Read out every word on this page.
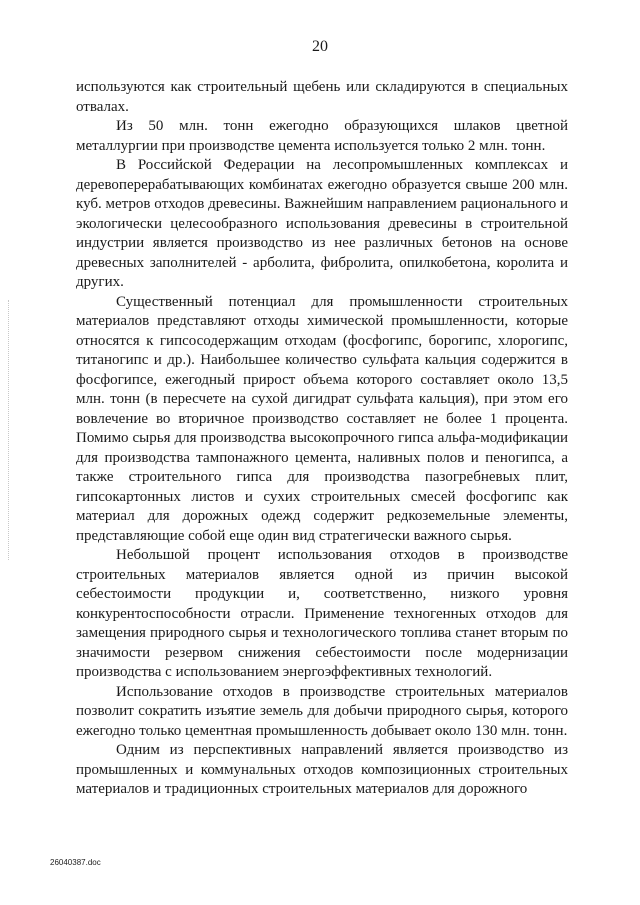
20

используются как строительный щебень или складируются в специальных отвалах.

Из 50 млн. тонн ежегодно образующихся шлаков цветной металлургии при производстве цемента используется только 2 млн. тонн.

В Российской Федерации на лесопромышленных комплексах и деревоперерабатывающих комбинатах ежегодно образуется свыше 200 млн. куб. метров отходов древесины. Важнейшим направлением рационального и экологически целесообразного использования древесины в строительной индустрии является производство из нее различных бетонов на основе древесных заполнителей - арболита, фибролита, опилкобетона, королита и других.

Существенный потенциал для промышленности строительных материалов представляют отходы химической промышленности, которые относятся к гипсосодержащим отходам (фосфогипс, борогипс, хлорогипс, титаногипс и др.). Наибольшее количество сульфата кальция содержится в фосфогипсе, ежегодный прирост объема которого составляет около 13,5 млн. тонн (в пересчете на сухой дигидрат сульфата кальция), при этом его вовлечение во вторичное производство составляет не более 1 процента. Помимо сырья для производства высокопрочного гипса альфа-модификации для производства тампонажного цемента, наливных полов и пеногипса, а также строительного гипса для производства пазогребневых плит, гипсокартонных листов и сухих строительных смесей фосфогипс как материал для дорожных одежд содержит редкоземельные элементы, представляющие собой еще один вид стратегически важного сырья.

Небольшой процент использования отходов в производстве строительных материалов является одной из причин высокой себестоимости продукции и, соответственно, низкого уровня конкурентоспособности отрасли. Применение техногенных отходов для замещения природного сырья и технологического топлива станет вторым по значимости резервом снижения себестоимости после модернизации производства с использованием энергоэффективных технологий.

Использование отходов в производстве строительных материалов позволит сократить изъятие земель для добычи природного сырья, которого ежегодно только цементная промышленность добывает около 130 млн. тонн.

Одним из перспективных направлений является производство из промышленных и коммунальных отходов композиционных строительных материалов и традиционных строительных материалов для дорожного

26040387.doc
